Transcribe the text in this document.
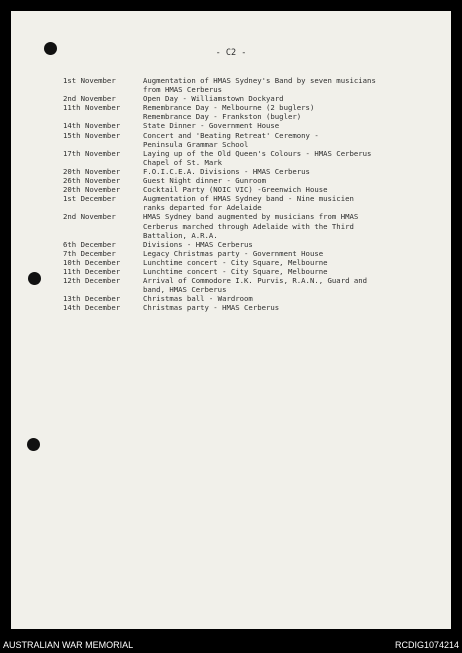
- C2 -
1st November	Augmentation of HMAS Sydney's Band by seven musicians
from HMAS Cerberus
2nd November	Open Day - Williamstown Dockyard
11th November	Remembrance Day - Melbourne (2 buglers)
Remembrance Day - Frankston (bugler)
14th November	State Dinner - Government House
15th November	Concert and 'Beating Retreat' Ceremony -
Peninsula Grammar School
17th November	Laying up of the Old Queen's Colours - HMAS Cerberus
Chapel of St. Mark
20th November	F.O.I.C.E.A. Divisions - HMAS Cerberus
26th November	Guest Night dinner - Gunroom
20th November	Cocktail Party (NOIC VIC) -Greenwich House
1st December	Augmentation of HMAS Sydney band - Nine musicien
ranks departed for Adelaide
2nd November	HMAS Sydney band augmented by musicians from HMAS
Cerberus marched through Adelaide with the Third
Battalion, A.R.A.
6th December	Divisions - HMAS Cerberus
7th December	Legacy Christmas party - Government House
10th December	Lunchtime concert - City Square, Melbourne
11th December	Lunchtime concert - City Square, Melbourne
12th December	Arrival of Commodore I.K. Purvis, R.A.N., Guard and
band, HMAS Cerberus
13th December	Christmas ball - Wardroom
14th December	Christmas party - HMAS Cerberus
AUSTRALIAN WAR MEMORIAL	RCDIG1074214
